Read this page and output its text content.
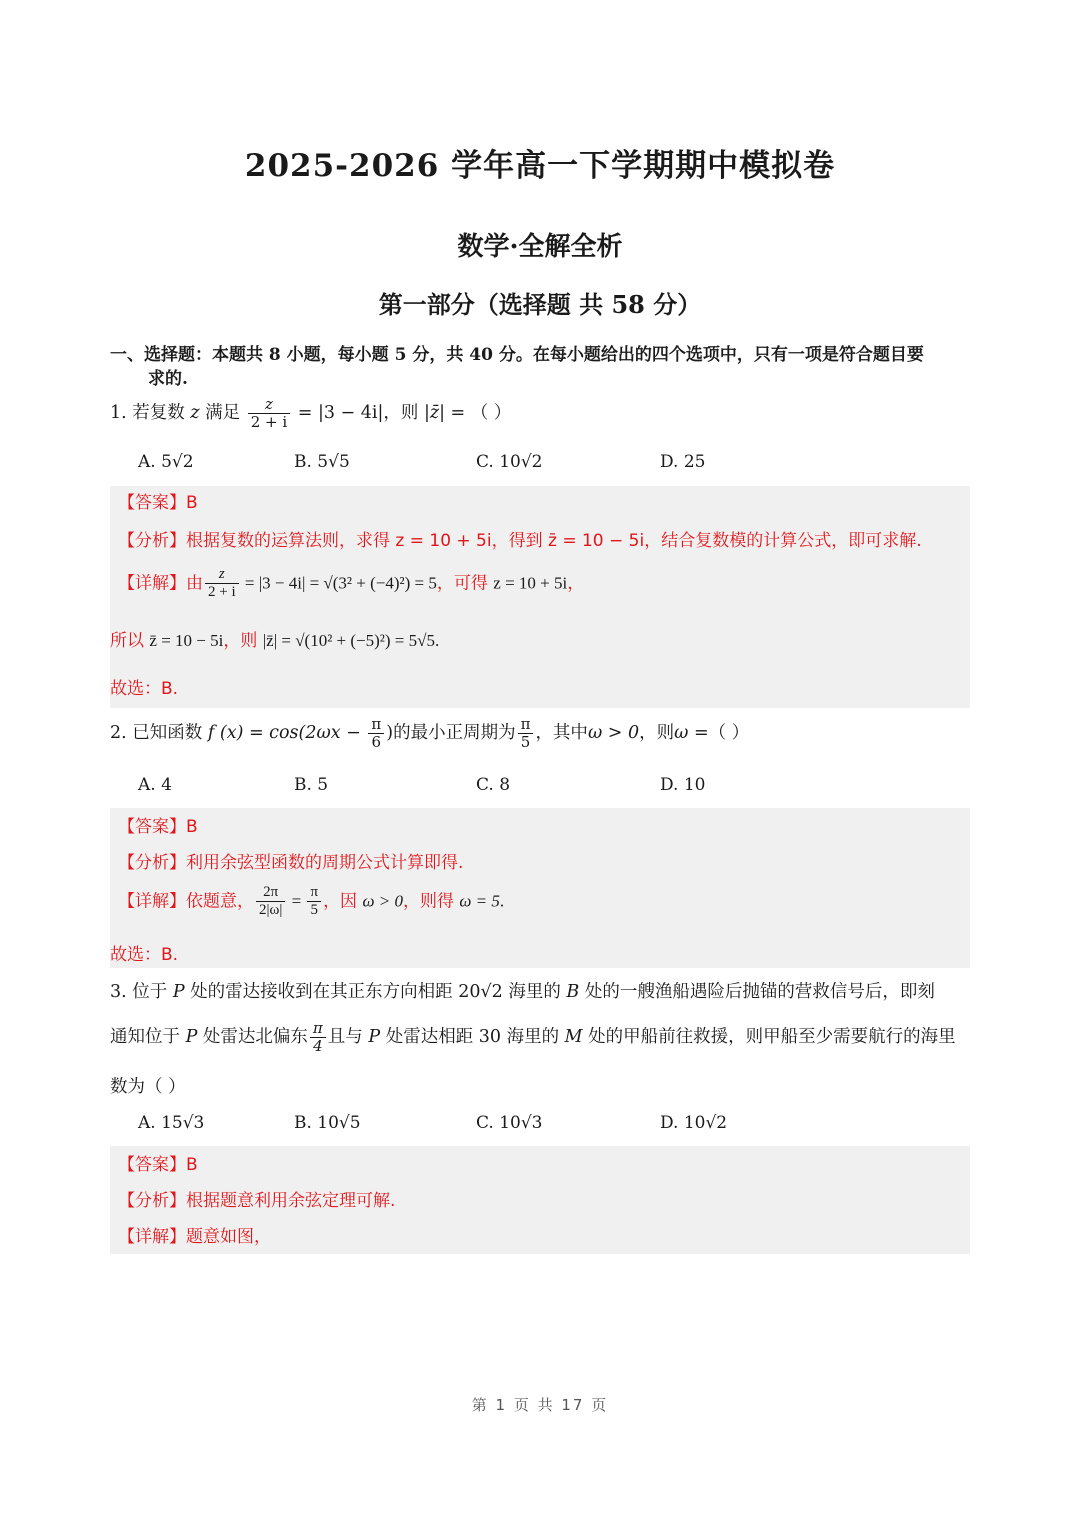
2025-2026 学年高一下学期期中模拟卷
数学·全解全析
第一部分（选择题 共 58 分）
一、选择题：本题共 8 小题，每小题 5 分，共 40 分。在每小题给出的四个选项中，只有一项是符合题目要
求的.
1. 若复数 z 满足 $\frac{z}{2 + i} = |3 - 4i|$，则 |z̄| = （ ）
A. 5√2	B. 5√5	C. 10√2	D. 25
【答案】B
【分析】根据复数的运算法则，求得 z = 10 + 5i，得到 z̄ = 10 − 5i，结合复数模的计算公式，即可求解.
【详解】由 $\frac{z}{2 + i} = |3 - 4i| = √(3^2 + (-4)^2) = 5$，可得 z = 10 + 5i，
所以 z̄ = 10 − 5i，则 |z̄| = √(10² + (−5)²) = 5√5.
故选：B.
2. 已知函数 f $(x) = \cos(2\omega x - \frac{\pi}{6}$ )的最小正周期为 $\frac{\pi}{5}$ ，其中ω > 0，则ω =（ ）
A. 4	B. 5	C. 8	D. 10
【答案】B
【分析】利用余弦型函数的周期公式计算即得.
【详解】依题意， $\frac{2\pi}{2|\omega|} = \frac{\pi}{5}$ ，因 ω > 0，则得 ω = 5.
故选：B.
3. 位于 P 处的雷达接收到在其正东方向相距 20√2 海里的 B 处的一艘渔船遇险后抛锚的营救信号后，即刻
通知位于 P 处雷达北偏东 $\frac{\pi}{4}$ 且与 P 处雷达相距 30 海里的 M 处的甲船前往救援，则甲船至少需要航行的海里
数为（ ）
A. 15√3	B. 10√5	C. 10√3	D. 10√2
【答案】B
【分析】根据题意利用余弦定理可解.
【详解】题意如图，
第 1 页 共 17 页
